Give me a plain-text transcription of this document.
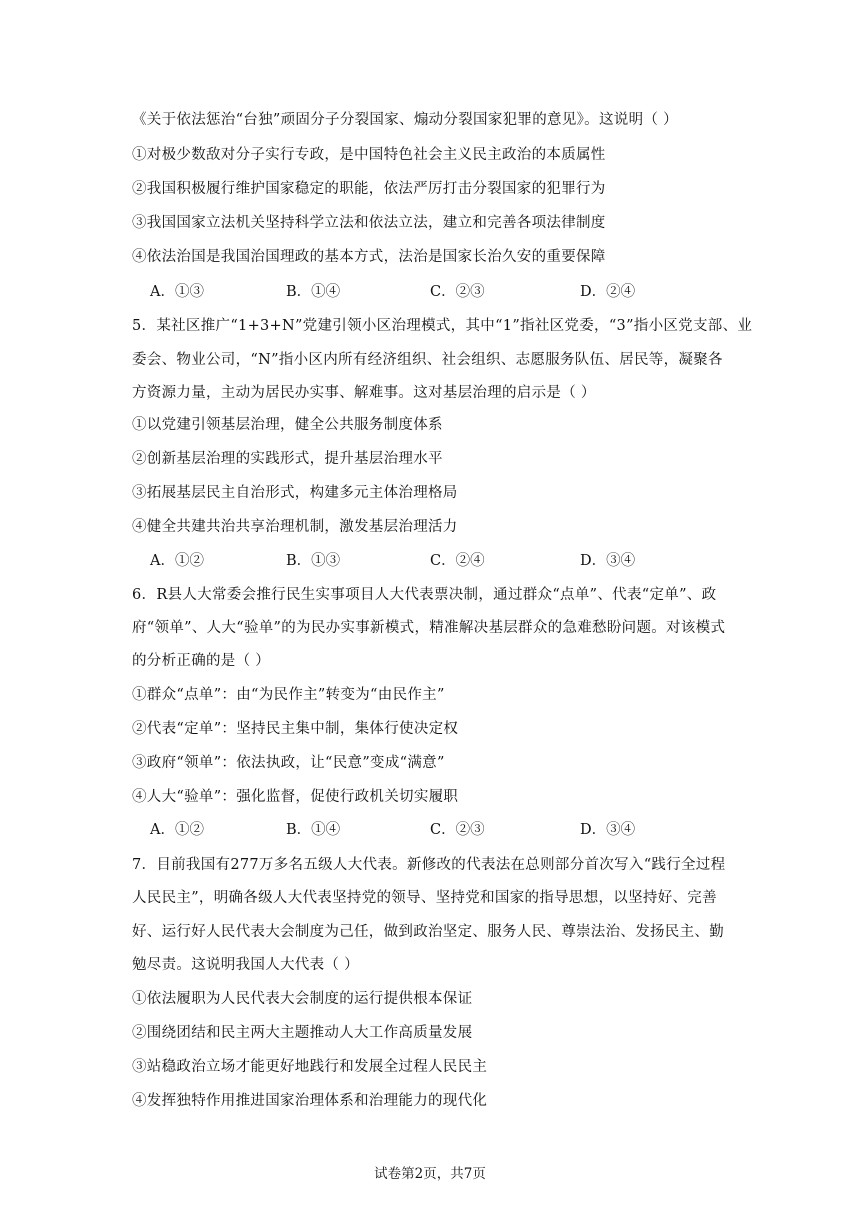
《关于依法惩治“台独”顽固分子分裂国家、煽动分裂国家犯罪的意见》。这说明（ ）
①对极少数敌对分子实行专政，是中国特色社会主义民主政治的本质属性
②我国积极履行维护国家稳定的职能，依法严厉打击分裂国家的犯罪行为
③我国国家立法机关坚持科学立法和依法立法，建立和完善各项法律制度
④依法治国是我国治国理政的基本方式，法治是国家长治久安的重要保障
A．①③	B．①④	C．②③	D．②④
5．某社区推广“1+3+N”党建引领小区治理模式，其中“1”指社区党委，“3”指小区党支部、业
委会、物业公司，“N”指小区内所有经济组织、社会组织、志愿服务队伍、居民等，凝聚各
方资源力量，主动为居民办实事、解难事。这对基层治理的启示是（ ）
①以党建引领基层治理，健全公共服务制度体系
②创新基层治理的实践形式，提升基层治理水平
③拓展基层民主自治形式，构建多元主体治理格局
④健全共建共治共享治理机制，激发基层治理活力
A．①②	B．①③	C．②④	D．③④
6．R县人大常委会推行民生实事项目人大代表票决制，通过群众“点单”、代表“定单”、政
府“领单”、人大“验单”的为民办实事新模式，精准解决基层群众的急难愁盼问题。对该模式
的分析正确的是（ ）
①群众“点单”：由“为民作主”转变为“由民作主”
②代表“定单”：坚持民主集中制，集体行使决定权
③政府“领单”：依法执政，让“民意”变成“满意”
④人大“验单”：强化监督，促使行政机关切实履职
A．①②	B．①④	C．②③	D．③④
7．目前我国有277万多名五级人大代表。新修改的代表法在总则部分首次写入“践行全过程
人民民主”，明确各级人大代表坚持党的领导、坚持党和国家的指导思想，以坚持好、完善
好、运行好人民代表大会制度为己任，做到政治坚定、服务人民、尊崇法治、发扬民主、勤
勉尽责。这说明我国人大代表（ ）
①依法履职为人民代表大会制度的运行提供根本保证
②围绕团结和民主两大主题推动人大工作高质量发展
③站稳政治立场才能更好地践行和发展全过程人民民主
④发挥独特作用推进国家治理体系和治理能力的现代化
试卷第2页，共7页
